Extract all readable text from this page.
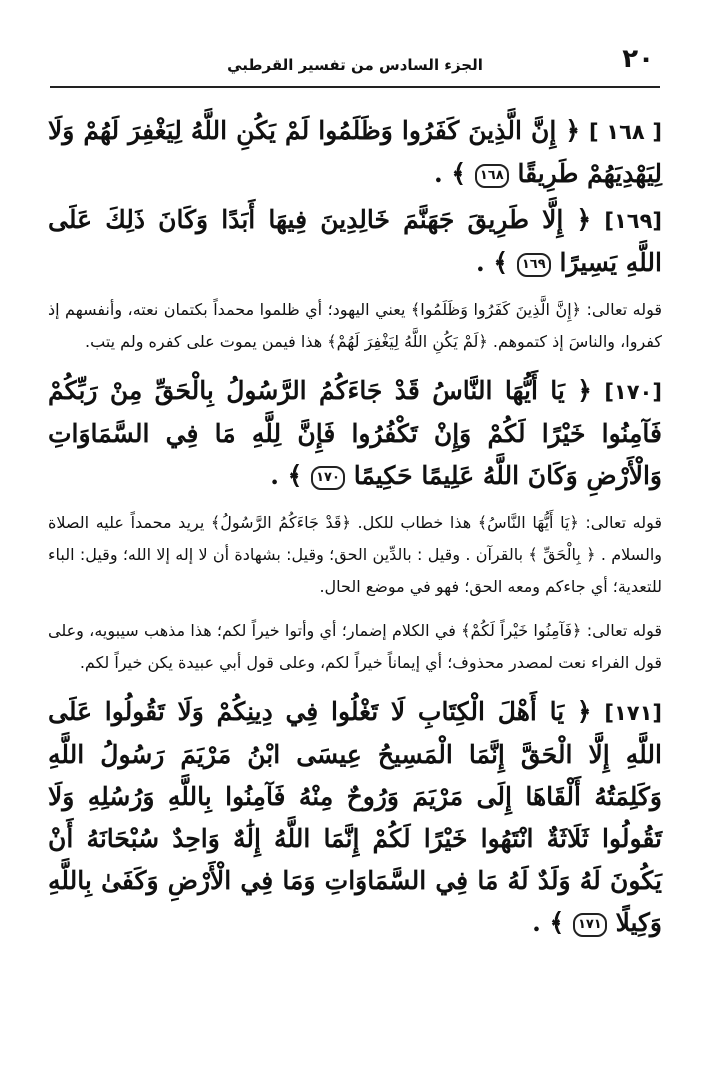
٢٠
الجزء السادس من تفسير القرطبي

[ ١٦٨ ] ﴿ إِنَّ الَّذِينَ كَفَرُوا وَظَلَمُوا لَمْ يَكُنِ اللَّهُ لِيَغْفِرَ لَهُمْ وَلَا لِيَهْدِيَهُمْ طَرِيقًا ١٦٨ ﴾ .

[١٦٩] ﴿ إِلَّا طَرِيقَ جَهَنَّمَ خَالِدِينَ فِيهَا أَبَدًا وَكَانَ ذَلِكَ عَلَى اللَّهِ يَسِيرًا ١٦٩ ﴾ .

قوله تعالى: ﴿إِنَّ الَّذِينَ كَفَرُوا وَظَلَمُوا﴾ يعني اليهود؛ أي ظلموا محمداً بكتمان نعته، وأنفسهم إذ كفروا، والناسَ إذ كتموهم. ﴿لَمْ يَكُنِ اللَّهُ لِيَغْفِرَ لَهُمْ﴾ هذا فيمن يموت على كفره ولم يتب.

[١٧٠] ﴿ يَا أَيُّهَا النَّاسُ قَدْ جَاءَكُمُ الرَّسُولُ بِالْحَقِّ مِنْ رَبِّكُمْ فَآمِنُوا خَيْرًا لَكُمْ وَإِنْ تَكْفُرُوا فَإِنَّ لِلَّهِ مَا فِي السَّمَاوَاتِ وَالْأَرْضِ وَكَانَ اللَّهُ عَلِيمًا حَكِيمًا ١٧٠ ﴾ .

قوله تعالى: ﴿يَا أَيُّهَا النَّاسُ﴾ هذا خطاب للكل. ﴿قَدْ جَاءَكُمُ الرَّسُولُ﴾ يريد محمداً عليه الصلاة والسلام . ﴿ بِالْحَقِّ ﴾ بالقرآن . وقيل : بالدِّين الحق؛ وقيل: بشهادة أن لا إله إلا الله؛ وقيل: الباء للتعدية؛ أي جاءكم ومعه الحق؛ فهو في موضع الحال.

قوله تعالى: ﴿فَآمِنُوا خَيْراً لَكُمْ﴾ في الكلام إضمار؛ أي وأتوا خيراً لكم؛ هذا مذهب سيبويه، وعلى قول الفراء نعت لمصدر محذوف؛ أي إيماناً خيراً لكم، وعلى قول أبي عبيدة يكن خيراً لكم.

[١٧١] ﴿ يَا أَهْلَ الْكِتَابِ لَا تَغْلُوا فِي دِينِكُمْ وَلَا تَقُولُوا عَلَى اللَّهِ إِلَّا الْحَقَّ إِنَّمَا الْمَسِيحُ عِيسَى ابْنُ مَرْيَمَ رَسُولُ اللَّهِ وَكَلِمَتُهُ أَلْقَاهَا إِلَى مَرْيَمَ وَرُوحٌ مِنْهُ فَآمِنُوا بِاللَّهِ وَرُسُلِهِ وَلَا تَقُولُوا ثَلَاثَةٌ انْتَهُوا خَيْرًا لَكُمْ إِنَّمَا اللَّهُ إِلَٰهٌ وَاحِدٌ سُبْحَانَهُ أَنْ يَكُونَ لَهُ وَلَدٌ لَهُ مَا فِي السَّمَاوَاتِ وَمَا فِي الْأَرْضِ وَكَفَىٰ بِاللَّهِ وَكِيلًا ١٧١ ﴾ .
